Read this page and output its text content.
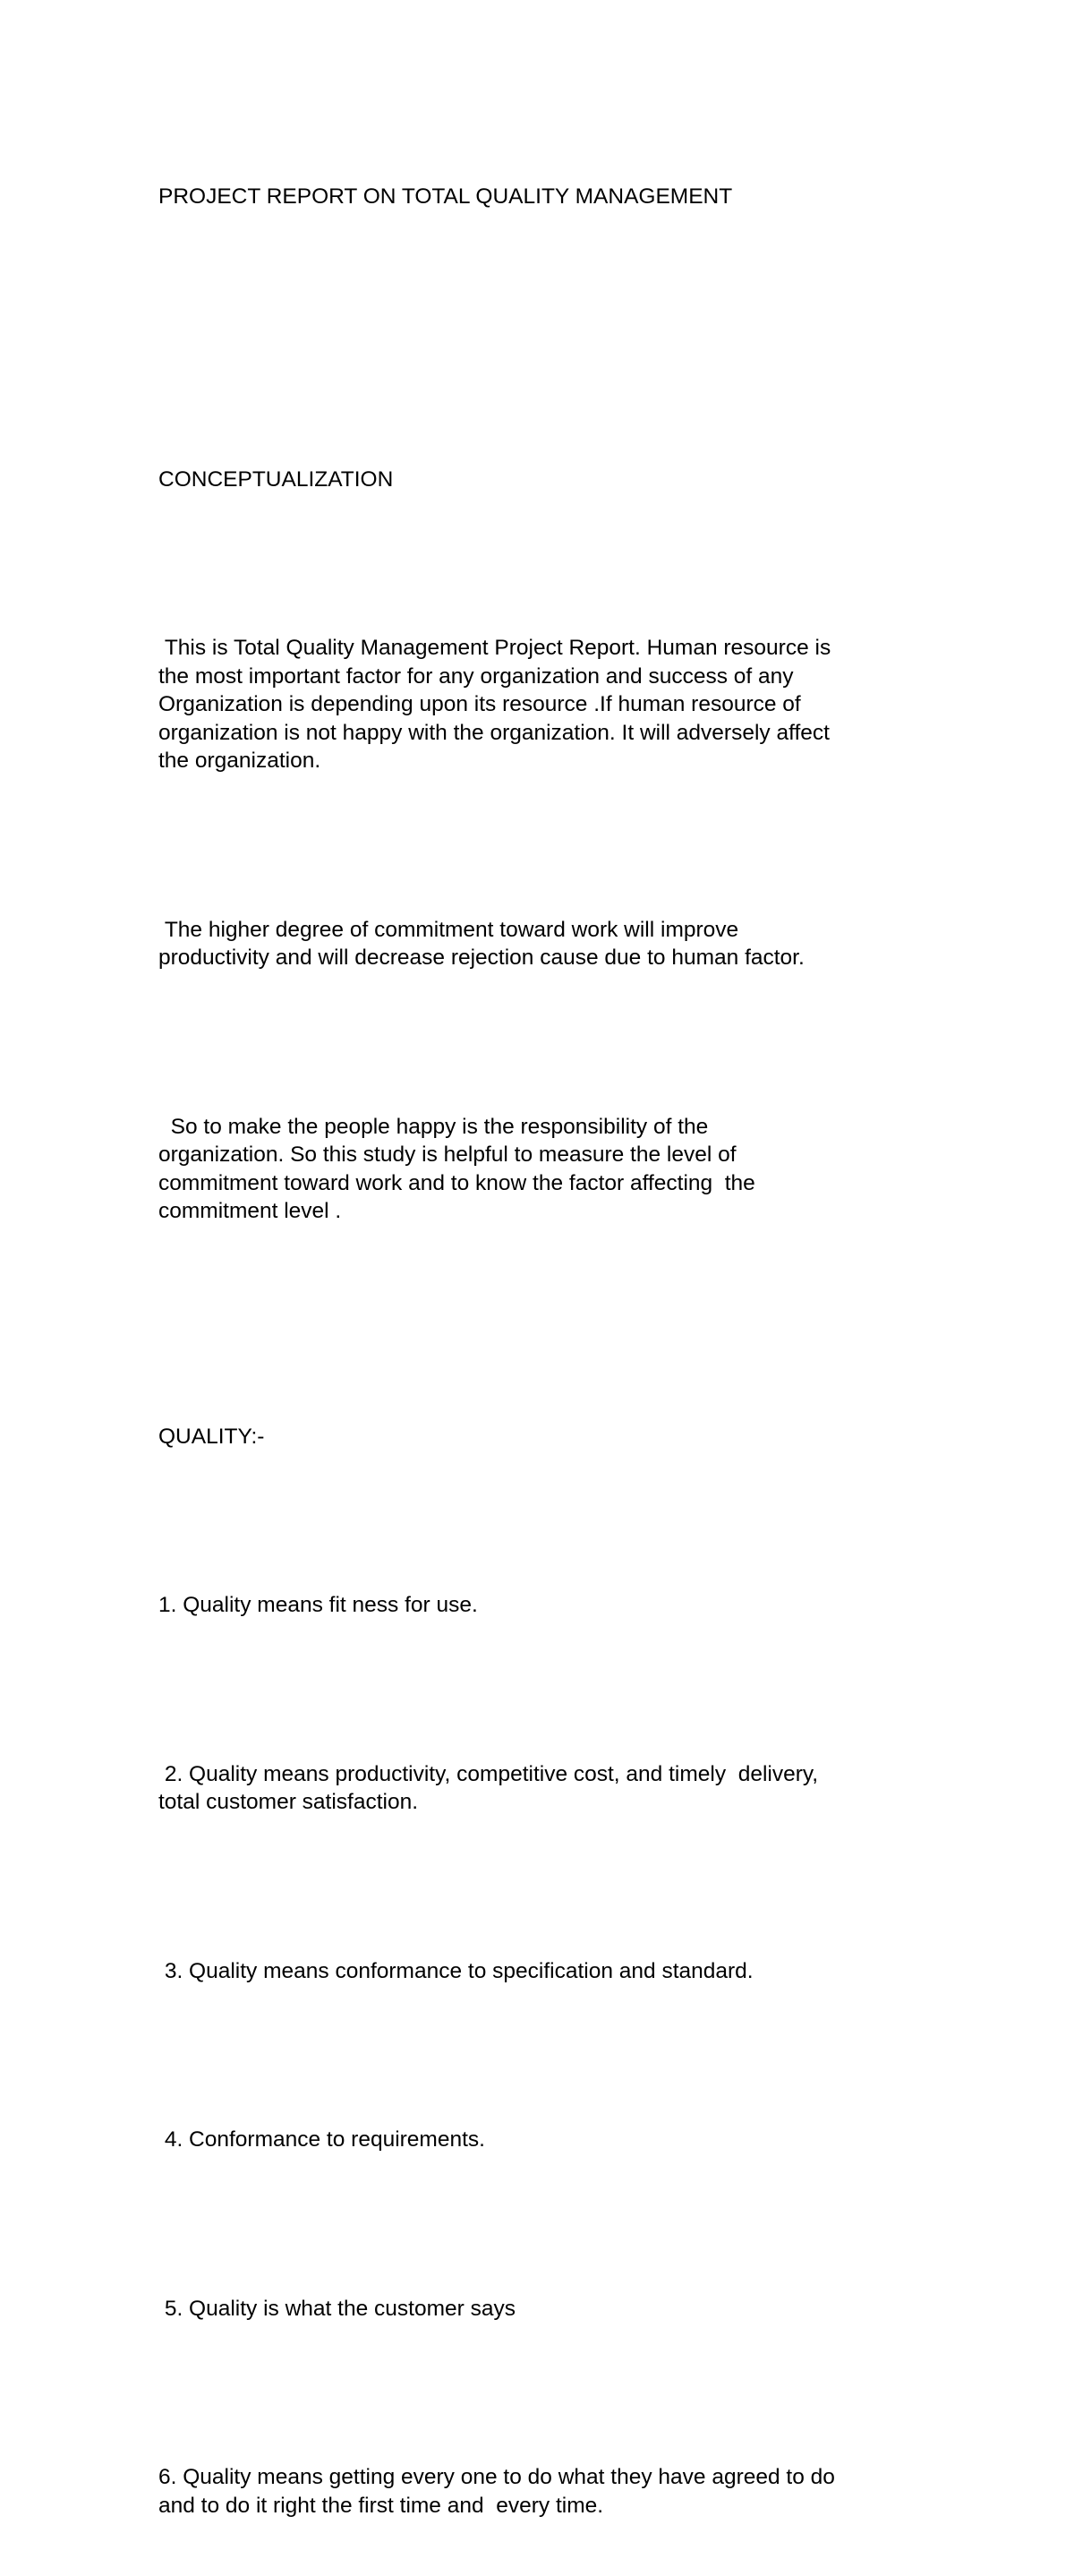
PROJECT REPORT ON TOTAL QUALITY MANAGEMENT

CONCEPTUALIZATION

This is Total Quality Management Project Report. Human resource is
the most important factor for any organization and success of any
Organization is depending upon its resource .If human resource of
organization is not happy with the organization. It will adversely affect
the organization.

The higher degree of commitment toward work will improve
productivity and will decrease rejection cause due to human factor.

So to make the people happy is the responsibility of the
organization. So this study is helpful to measure the level of
commitment toward work and to know the factor affecting  the
commitment level .

QUALITY:-

1. Quality means fit ness for use.

2. Quality means productivity, competitive cost, and timely  delivery,
total customer satisfaction.

3. Quality means conformance to specification and standard.

4. Conformance to requirements.

5. Quality is what the customer says

6. Quality means getting every one to do what they have agreed to do
and to do it right the first time and  every time.
